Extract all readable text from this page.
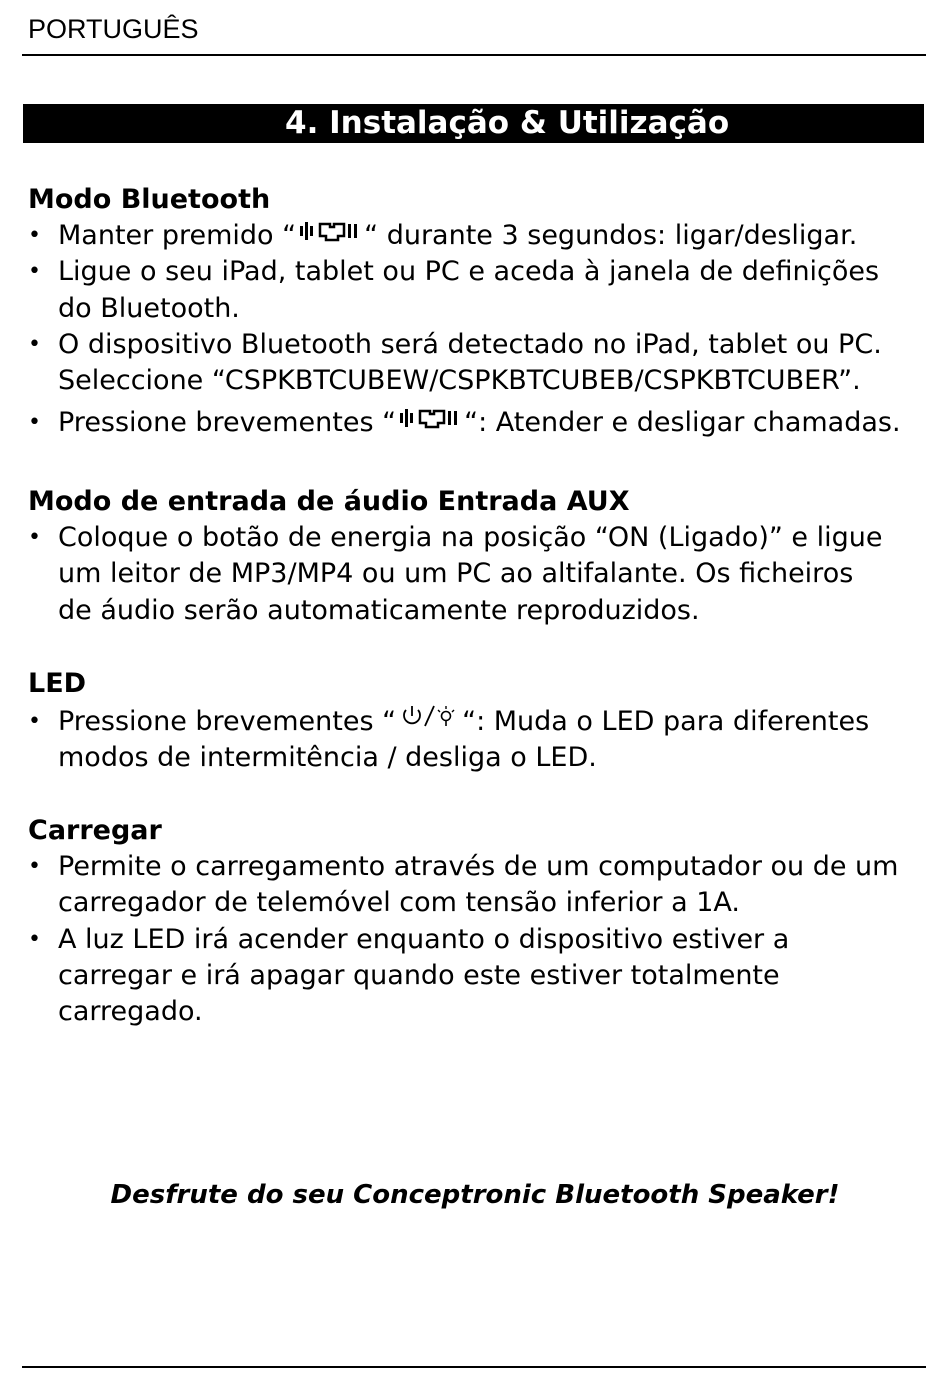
PORTUGUÊS
4. Instalação & Utilização
Modo Bluetooth
• Manter premido “	“ durante 3 segundos: ligar/desligar.
• Ligue o seu iPad, tablet ou PC e aceda à janela de definições
do Bluetooth.
• O dispositivo Bluetooth será detectado no iPad, tablet ou PC.
Seleccione “CSPKBTCUBEW/CSPKBTCUBEB/CSPKBTCUBER”.
• Pressione brevementes “	“: Atender e desligar chamadas.
Modo de entrada de áudio Entrada AUX
• Coloque o botão de energia na posição “ON (Ligado)” e ligue
um leitor de MP3/MP4 ou um PC ao altifalante. Os ficheiros
de áudio serão automaticamente reproduzidos.
LED
• Pressione brevementes “ “: Muda o LED para diferentes
modos de intermitência / desliga o LED.
Carregar
• Permite o carregamento através de um computador ou de um
carregador de telemóvel com tensão inferior a 1A.
• A luz LED irá acender enquanto o dispositivo estiver a
carregar e irá apagar quando este estiver totalmente
carregado.
Desfrute do seu Conceptronic Bluetooth Speaker!
